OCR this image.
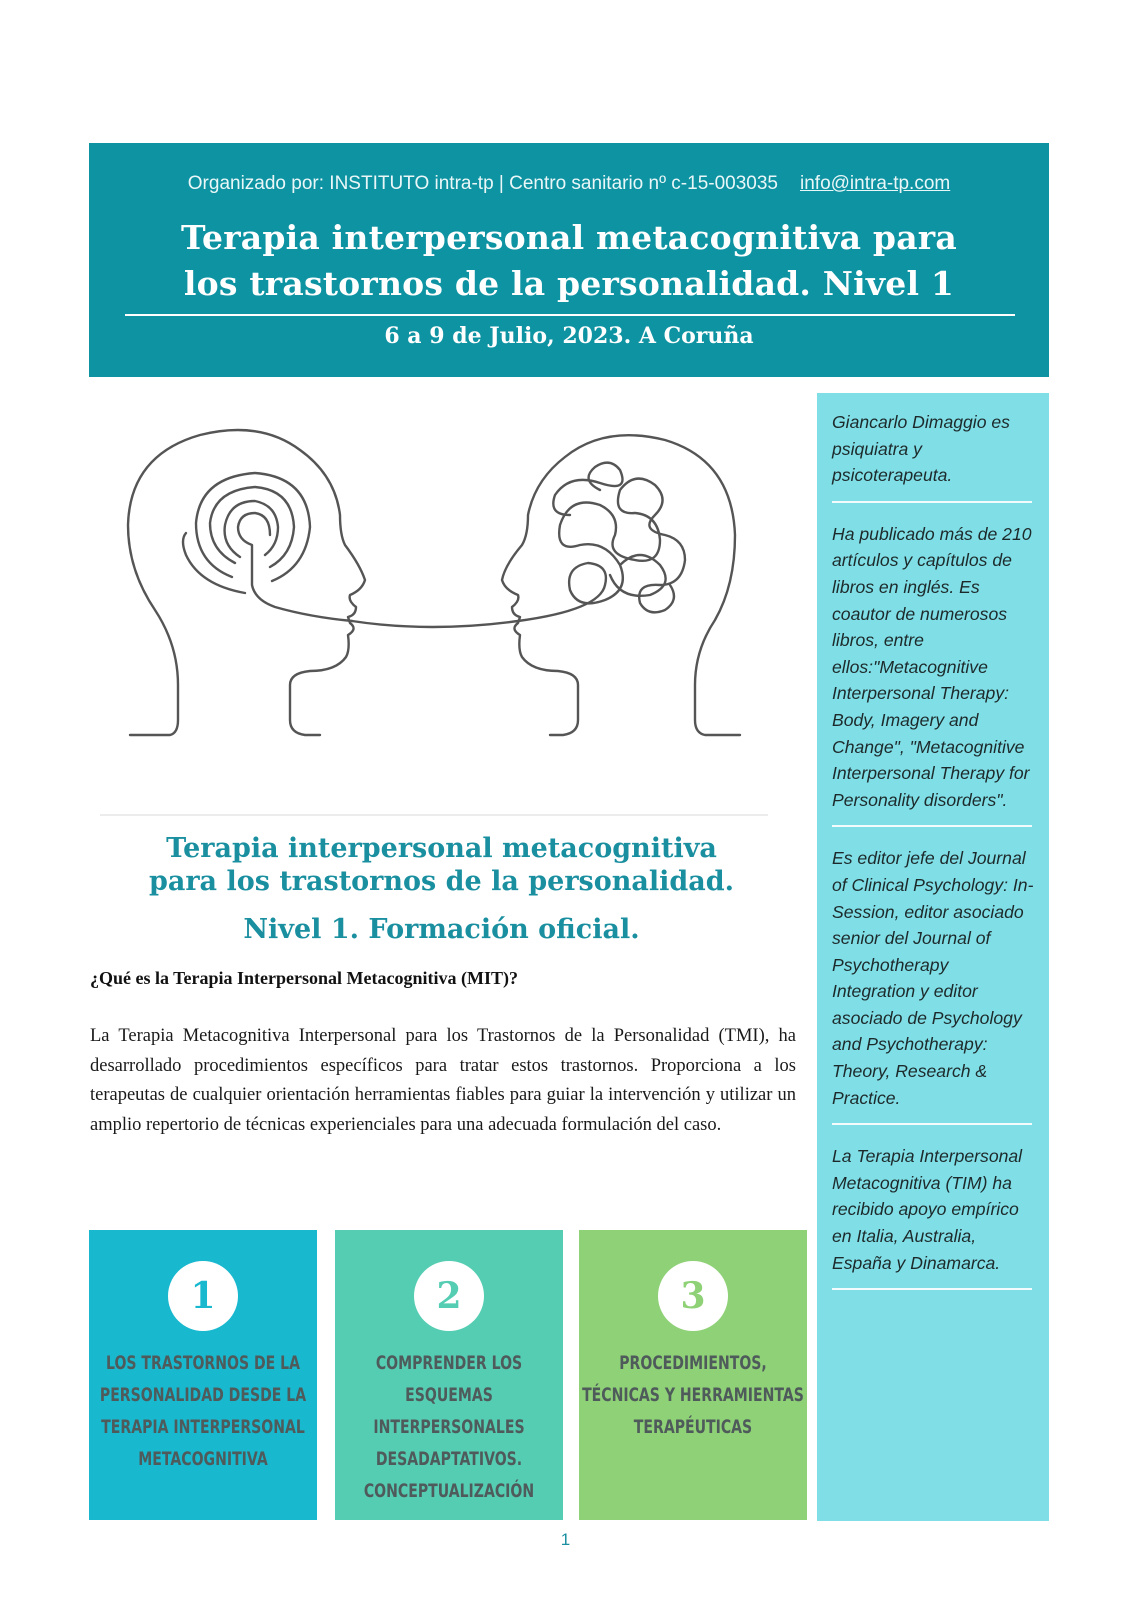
Organizado por: INSTITUTO intra-tp | Centro sanitario nº c-15-003035 info@intra-tp.com
Terapia interpersonal metacognitiva para
los trastornos de la personalidad. Nivel 1
6 a 9 de Julio, 2023. A Coruña
Terapia interpersonal metacognitiva
para los trastornos de la personalidad.
Nivel 1. Formación oficial.
¿Qué es la Terapia Interpersonal Metacognitiva (MIT)?
La Terapia Metacognitiva Interpersonal para los Trastornos de la Personalidad (TMI), ha desarrollado procedimientos específicos para tratar estos trastornos. Proporciona a los terapeutas de cualquier orientación herramientas fiables para guiar la intervención y utilizar un amplio repertorio de técnicas experienciales para una adecuada formulación del caso.
1
LOS TRASTORNOS DE LA PERSONALIDAD DESDE LA TERAPIA INTERPERSONAL METACOGNITIVA
2
COMPRENDER LOS ESQUEMAS INTERPERSONALES DESADAPTATIVOS. CONCEPTUALIZACIÓN
3
PROCEDIMIENTOS, TÉCNICAS Y HERRAMIENTAS TERAPÉUTICAS
Giancarlo Dimaggio es psiquiatra y psicoterapeuta.
Ha publicado más de 210 artículos y capítulos de libros en inglés. Es coautor de numerosos libros, entre ellos:"Metacognitive Interpersonal Therapy: Body, Imagery and Change", "Metacognitive Interpersonal Therapy for Personality disorders".
Es editor jefe del Journal of Clinical Psychology: In-Session, editor asociado senior del Journal of Psychotherapy Integration y editor asociado de Psychology and Psychotherapy: Theory, Research & Practice.
La Terapia Interpersonal Metacognitiva (TIM) ha recibido apoyo empírico en Italia, Australia, España y Dinamarca.
1
